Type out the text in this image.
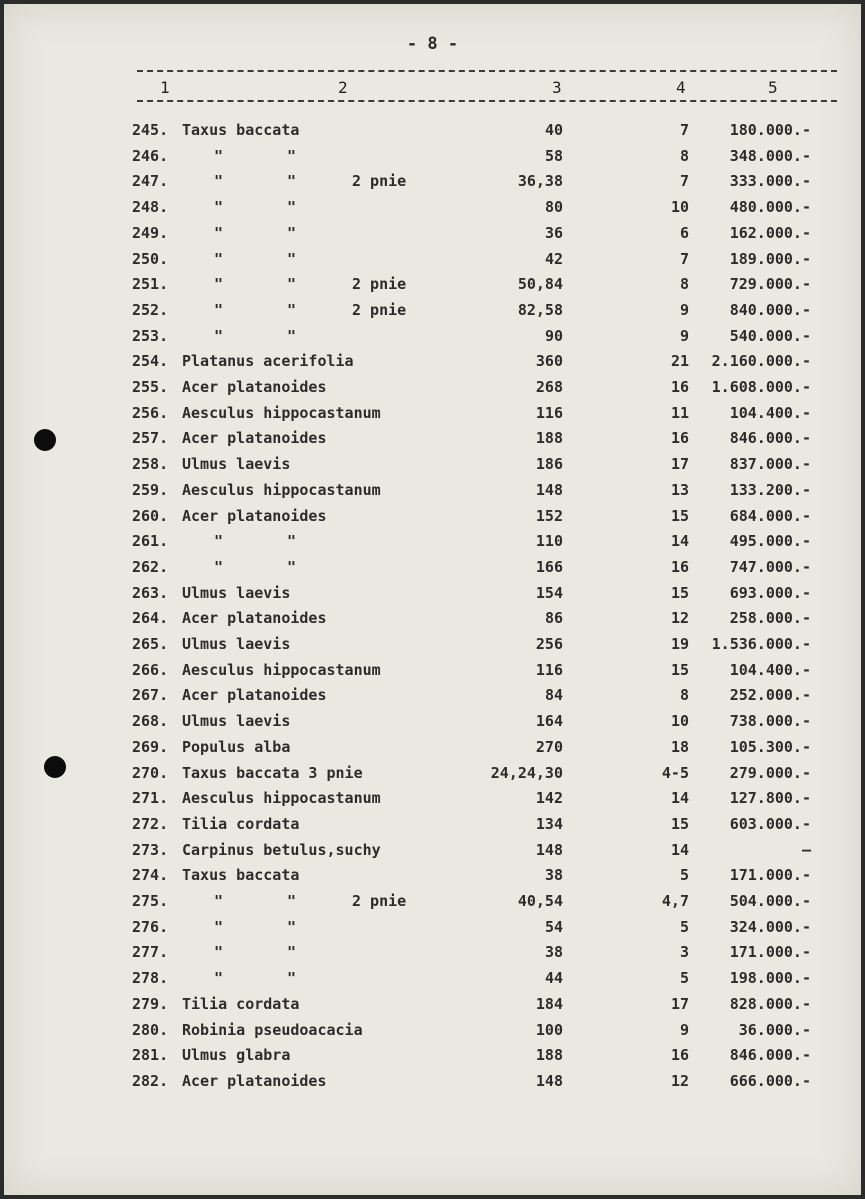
- 8 -
1	2	3	4	5
245. Taxus baccata	40	7	180.000.-
246.	"	"	58	8	348.000.-
247.	"	"	2 pnie	36,38	7	333.000.-
248.	"	"	80	10	480.000.-
249.	"	"	36	6	162.000.-
250.	"	"	42	7	189.000.-
251.	"	"	2 pnie	50,84	8	729.000.-
252.	"	"	2 pnie	82,58	9	840.000.-
253.	"	"	90	9	540.000.-
254. Platanus acerifolia	360	21 2.160.000.-
255. Acer platanoides	268	16 1.608.000.-
256. Aesculus hippocastanum	116	11	104.400.-
257. Acer platanoides	188	16	846.000.-
258. Ulmus laevis	186	17	837.000.-
259. Aesculus hippocastanum	148	13	133.200.-
260. Acer platanoides	152	15	684.000.-
261.	"	"	110	14	495.000.-
262.	"	"	166	16	747.000.-
263. Ulmus laevis	154	15	693.000.-
264. Acer platanoides	86	12	258.000.-
265. Ulmus laevis	256	19 1.536.000.-
266. Aesculus hippocastanum	116	15	104.400.-
267. Acer platanoides	84	8	252.000.-
268. Ulmus laevis	164	10	738.000.-
269. Populus alba	270	18	105.300.-
270. Taxus baccata 3 pnie	24,24,30	4-5	279.000.-
271. Aesculus hippocastanum	142	14	127.800.-
272. Tilia cordata	134	15	603.000.-
273. Carpinus betulus,suchy	148	14	—
274. Taxus baccata	38	5	171.000.-
275.	"	"	2 pnie	40,54	4,7	504.000.-
276.	"	"	54	5	324.000.-
277.	"	"	38	3	171.000.-
278.	"	"	44	5	198.000.-
279. Tilia cordata	184	17	828.000.-
280. Robinia pseudoacacia	100	9	36.000.-
281. Ulmus glabra	188	16	846.000.-
282. Acer platanoides	148	12	666.000.-
